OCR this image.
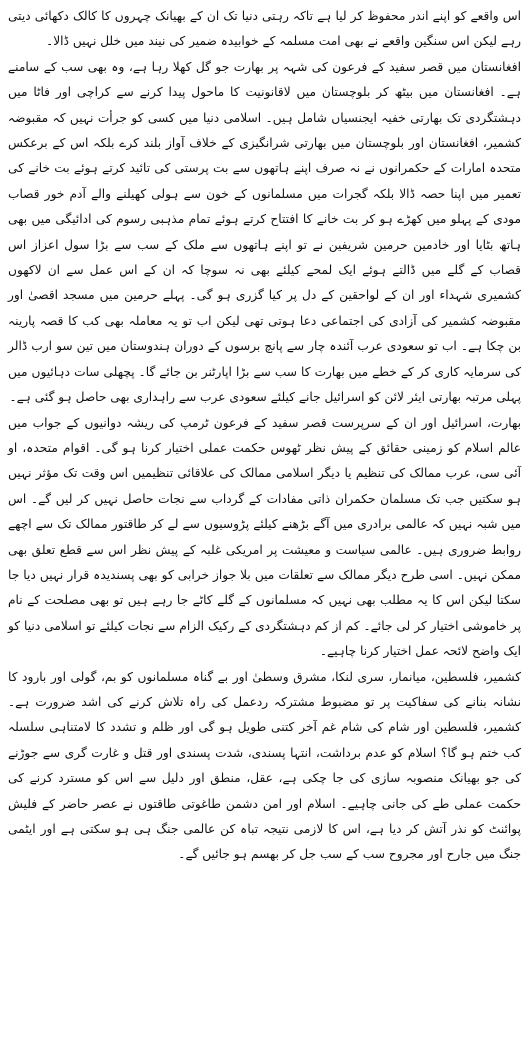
اس واقعے کو اپنے اندر محفوظ کر لیا ہے تاکہ رہتی دنیا تک ان کے بھیانک چہروں کا کالک دکھائی دیتی رہے لیکن اس سنگین واقعے نے بھی امت مسلمہ کے خوابیدہ ضمیر کی نیند میں خلل نہیں ڈالا۔

افغانستان میں قصر سفید کے فرعون کی شہہ پر بھارت جو گل کھلا رہا ہے، وہ بھی سب کے سامنے ہے۔ افغانستان میں بیٹھ کر بلوچستان میں لاقانونیت کا ماحول پیدا کرنے سے کراچی اور فاٹا میں دہشتگردی تک بھارتی خفیہ ایجنسیاں شامل ہیں۔ اسلامی دنیا میں کسی کو جرأت نہیں کہ مقبوضہ کشمیر، افغانستان اور بلوچستان میں بھارتی شرانگیزی کے خلاف آواز بلند کرے بلکہ اس کے برعکس متحدہ امارات کے حکمرانوں نے نہ صرف اپنے ہاتھوں سے بت پرستی کی تائید کرتے ہوئے بت خانے کی تعمیر میں اپنا حصہ ڈالا بلکہ گجرات میں مسلمانوں کے خون سے ہولی کھیلنے والے آدم خور قصاب مودی کے پہلو میں کھڑے ہو کر بت خانے کا افتتاح کرتے ہوئے تمام مذہبی رسوم کی ادائیگی میں بھی ہاتھ بٹایا اور خادمین حرمین شریفین نے تو اپنے ہاتھوں سے ملک کے سب سے بڑا سول اعزاز اس قصاب کے گلے میں ڈالتے ہوئے ایک لمحے کیلئے بھی نہ سوچا کہ ان کے اس عمل سے ان لاکھوں کشمیری شہداء اور ان کے لواحقین کے دل پر کیا گزری ہو گی۔ پہلے حرمین میں مسجد اقصیٰ اور مقبوضہ کشمیر کی آزادی کی اجتماعی دعا ہوتی تھی لیکن اب تو یہ معاملہ بھی کب کا قصہ پارینہ بن چکا ہے۔ اب تو سعودی عرب آئندہ چار سے پانچ برسوں کے دوران ہندوستان میں تین سو ارب ڈالر کی سرمایہ کاری کر کے خطے میں بھارت کا سب سے بڑا اپارٹنر بن جائے گا۔ پچھلی سات دہائیوں میں پہلی مرتبہ بھارتی ایئر لائن کو اسرائیل جانے کیلئے سعودی عرب سے راہداری بھی حاصل ہو گئی ہے۔

بھارت، اسرائیل اور ان کے سرپرست قصر سفید کے فرعون ٹرمپ کی ریشہ دوانیوں کے جواب میں عالم اسلام کو زمینی حقائق کے پیش نظر ٹھوس حکمت عملی اختیار کرنا ہو گی۔ اقوام متحدہ، او آئی سی، عرب ممالک کی تنظیم یا دیگر اسلامی ممالک کی علاقائی تنظیمیں اس وقت تک مؤثر نہیں ہو سکتیں جب تک مسلمان حکمران ذاتی مفادات کے گرداب سے نجات حاصل نہیں کر لیں گے۔ اس میں شبہ نہیں کہ عالمی برادری میں آگے بڑھنے کیلئے پڑوسیوں سے لے کر طاقتور ممالک تک سے اچھے روابط ضروری ہیں۔ عالمی سیاست و معیشت پر امریکی غلبہ کے پیش نظر اس سے قطع تعلق بھی ممکن نہیں۔ اسی طرح دیگر ممالک سے تعلقات میں بلا جواز خرابی کو بھی پسندیدہ قرار نہیں دیا جا سکتا لیکن اس کا یہ مطلب بھی نہیں کہ مسلمانوں کے گلے کاٹے جا رہے ہیں تو بھی مصلحت کے نام پر خاموشی اختیار کر لی جائے۔ کم از کم دہشتگردی کے رکیک الزام سے نجات کیلئے تو اسلامی دنیا کو ایک واضح لائحہ عمل اختیار کرنا چاہیے۔

کشمیر، فلسطین، میانمار، سری لنکا، مشرق وسطیٰ اور بے گناہ مسلمانوں کو بم، گولی اور بارود کا نشانہ بنانے کی سفاکیت پر تو مضبوط مشترکہ ردعمل کی راہ تلاش کرنے کی اشد ضرورت ہے۔ کشمیر، فلسطین اور شام کی شام غم آخر کتنی طویل ہو گی اور ظلم و تشدد کا لامتناہی سلسلہ کب ختم ہو گا؟ اسلام کو عدم برداشت، انتہا پسندی، شدت پسندی اور قتل و غارت گری سے جوڑنے کی جو بھیانک منصوبہ سازی کی جا چکی ہے، عقل، منطق اور دلیل سے اس کو مسترد کرنے کی حکمت عملی طے کی جانی چاہیے۔ اسلام اور امن دشمن طاغوتی طاقتوں نے عصر حاضر کے فلیش پوائنٹ کو نذر آتش کر دیا ہے، اس کا لازمی نتیجہ تباہ کن عالمی جنگ ہی ہو سکتی ہے اور ایٹمی جنگ میں جارح اور مجروح سب کے سب جل کر بھسم ہو جائیں گے۔
